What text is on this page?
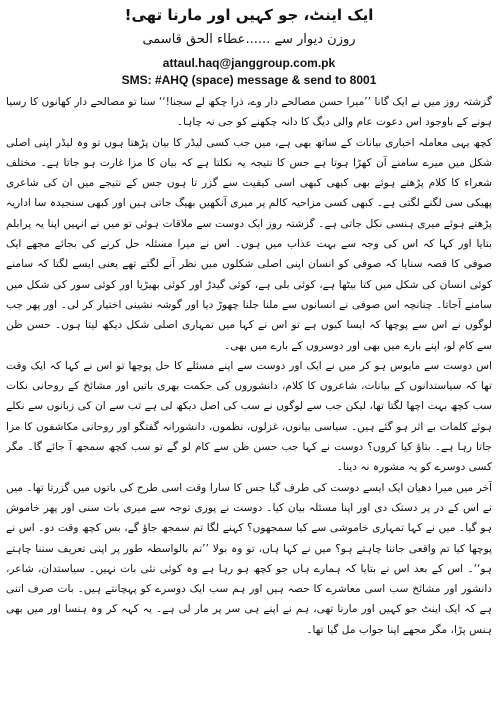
ایک اینٹ، جو کہیں اور مارنا تھی!
روزن دیوار سے ......عطاء الحق قاسمی
attaul.haq@janggroup.com.pk
SMS: #AHQ (space) message & send to 8001

گزشتہ روز میں نے ایک گانا ’’میرا حسن مصالحے دار وے، ذرا چکھ لے سجنا!‘‘ سنا تو مصالحے دار کھانوں کا رسیا ہونے کے باوجود اس دعوت عام والی دیگ کا دانہ چکھنے کو جی نہ چاہا۔

کچھ یہی معاملہ اخباری بیانات کے ساتھ بھی ہے، میں جب کسی لیڈر کا بیان پڑھتا ہوں تو وہ لیڈر اپنی اصلی شکل میں میرے سامنے آن کھڑا ہوتا ہے جس کا نتیجہ یہ نکلتا ہے کہ بیان کا مزا غارت ہو جاتا ہے۔ مختلف شعراء کا کلام پڑھتے ہوئے بھی کبھی کبھی اسی کیفیت سے گزر تا ہوں جس کے نتیجے میں ان کی شاعری پھیکی سی لگنے لگتی ہے۔ کبھی کسی مزاحیہ کالم پر میری آنکھیں بھیگ جاتی ہیں اور کبھی سنجیدہ سا اداریہ پڑھتے ہوئے میری ہنسی نکل جاتی ہے۔ گزشتہ روز ایک دوست سے ملاقات ہوئی تو میں نے انہیں اپنا یہ پرابلم بتایا اور کہا کہ اس کی وجہ سے بہت عذاب میں ہوں۔ اس نے میرا مسئلہ حل کرنے کی بجائے مجھے ایک صوفی کا قصہ سنایا کہ صوفی کو انسان اپنی اصلی شکلوں میں نظر آنے لگتے تھے یعنی ایسے لگتا کہ سامنے کوئی انسان کی شکل میں کتا بیٹھا ہے، کوئی بلی ہے، کوئی گیدڑ اور کوئی بھیڑیا اور کوئی سور کی شکل میں سامنے آجاتا۔ چنانچہ اس صوفی نے انسانوں سے ملنا جلنا چھوڑ دیا اور گوشہ نشینی اختیار کر لی۔ اور پھر جب لوگوں نے اس سے پوچھا کہ ایسا کیوں ہے تو اس نے کہا میں تمہاری اصلی شکل دیکھ لیتا ہوں۔ حسن ظن سے کام لو، اپنے بارے میں بھی اور دوسروں کے بارے میں بھی۔

اس دوست سے مایوس ہو کر میں نے ایک اور دوست سے اپنے مسئلے کا حل پوچھا تو اس نے کہا کہ ایک وقت تھا کہ سیاستدانوں کے بیانات، شاعروں کا کلام، دانشوروں کی حکمت بھری باتیں اور مشائخ کے روحانی نکات سب کچھ بہت اچھا لگتا تھا، لیکن جب سے لوگوں نے سب کی اصل دیکھ لی ہے تب سے ان کی زبانوں سے نکلے ہوئے کلمات بے اثر ہو گئے ہیں۔ سیاسی بیانوں، غزلوں، نظموں، دانشورانہ گفتگو اور روحانی مکاشفوں کا مزا جاتا رہا ہے۔ بتاؤ کیا کروں؟ دوست نے کہا جب حسن ظن سے کام لو گے تو سب کچھ سمجھ آ جائے گا۔ مگر کسی دوسرے کو یہ مشورہ نہ دینا۔

آخر میں میرا دھیان ایک ایسے دوست کی طرف گیا جس کا سارا وقت اسی طرح کی باتوں میں گزرتا تھا۔ میں نے اس کے در پر دستک دی اور اپنا مسئلہ بیان کیا۔ دوست نے پوری توجہ سے میری بات سنی اور پھر خاموش ہو گیا۔ میں نے کہا تمہاری خاموشی سے کیا سمجھوں؟ کہنے لگا تم سمجھ جاؤ گے، بس کچھ وقت دو۔ اس نے پوچھا کیا تم واقعی جاننا چاہتے ہو؟ میں نے کہا ہاں، تو وہ بولا ’’تم بالواسطہ طور پر اپنی تعریف سننا چاہتے ہو‘‘۔ اس کے بعد اس نے بتایا کہ ہمارے ہاں جو کچھ ہو رہا ہے وہ کوئی نئی بات نہیں۔ سیاستدان، شاعر، دانشور اور مشائخ سب اسی معاشرے کا حصہ ہیں اور ہم سب ایک دوسرے کو پہچانتے ہیں۔ بات صرف اتنی ہے کہ ایک اینٹ جو کہیں اور مارنا تھی، ہم نے اپنے ہی سر پر مار لی ہے۔ یہ کہہ کر وہ ہنسا اور میں بھی ہنس پڑا، مگر مجھے اپنا جواب مل گیا تھا۔
